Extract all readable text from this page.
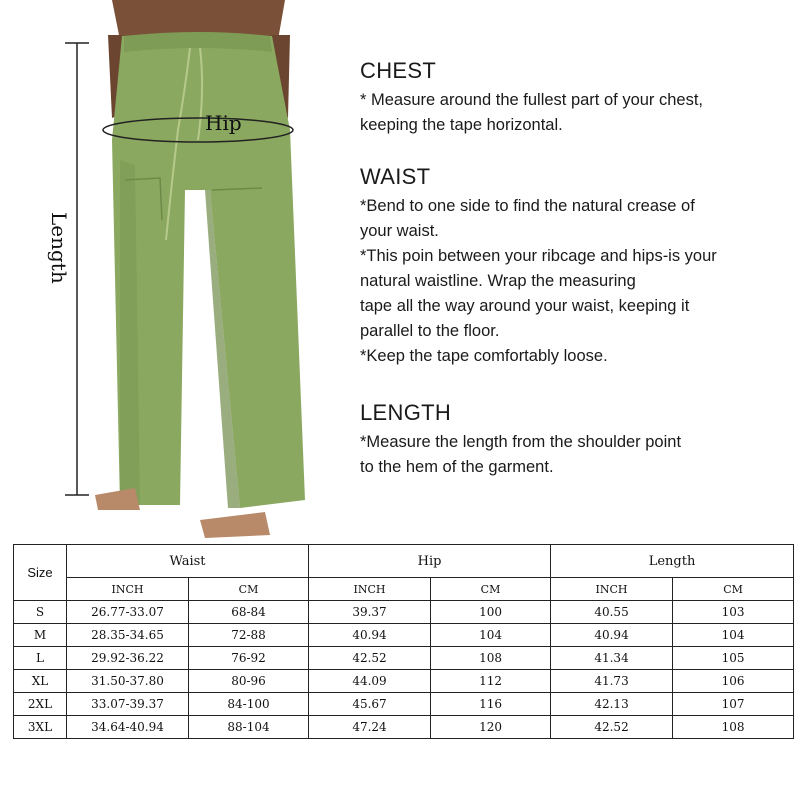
Hip
Length
CHEST

* Measure around the fullest part of your chest,

keeping the tape horizontal.

WAIST

*Bend to one side to find the natural crease of

your waist.

*This poin between your ribcage and hips-is your

natural waistline. Wrap the measuring

tape all the way around your waist, keeping it

parallel to the floor.

*Keep the tape comfortably loose.

LENGTH

*Measure the length from the shoulder point

to the hem of the garment.

Size	Waist		Hip		Length	
	INCH	CM	INCH	CM	INCH	CM
S	26.77-33.07	68-84	39.37	100	40.55	103
M	28.35-34.65	72-88	40.94	104	40.94	104
L	29.92-36.22	76-92	42.52	108	41.34	105
XL	31.50-37.80	80-96	44.09	112	41.73	106
2XL	33.07-39.37	84-100	45.67	116	42.13	107
3XL	34.64-40.94	88-104	47.24	120	42.52	108
